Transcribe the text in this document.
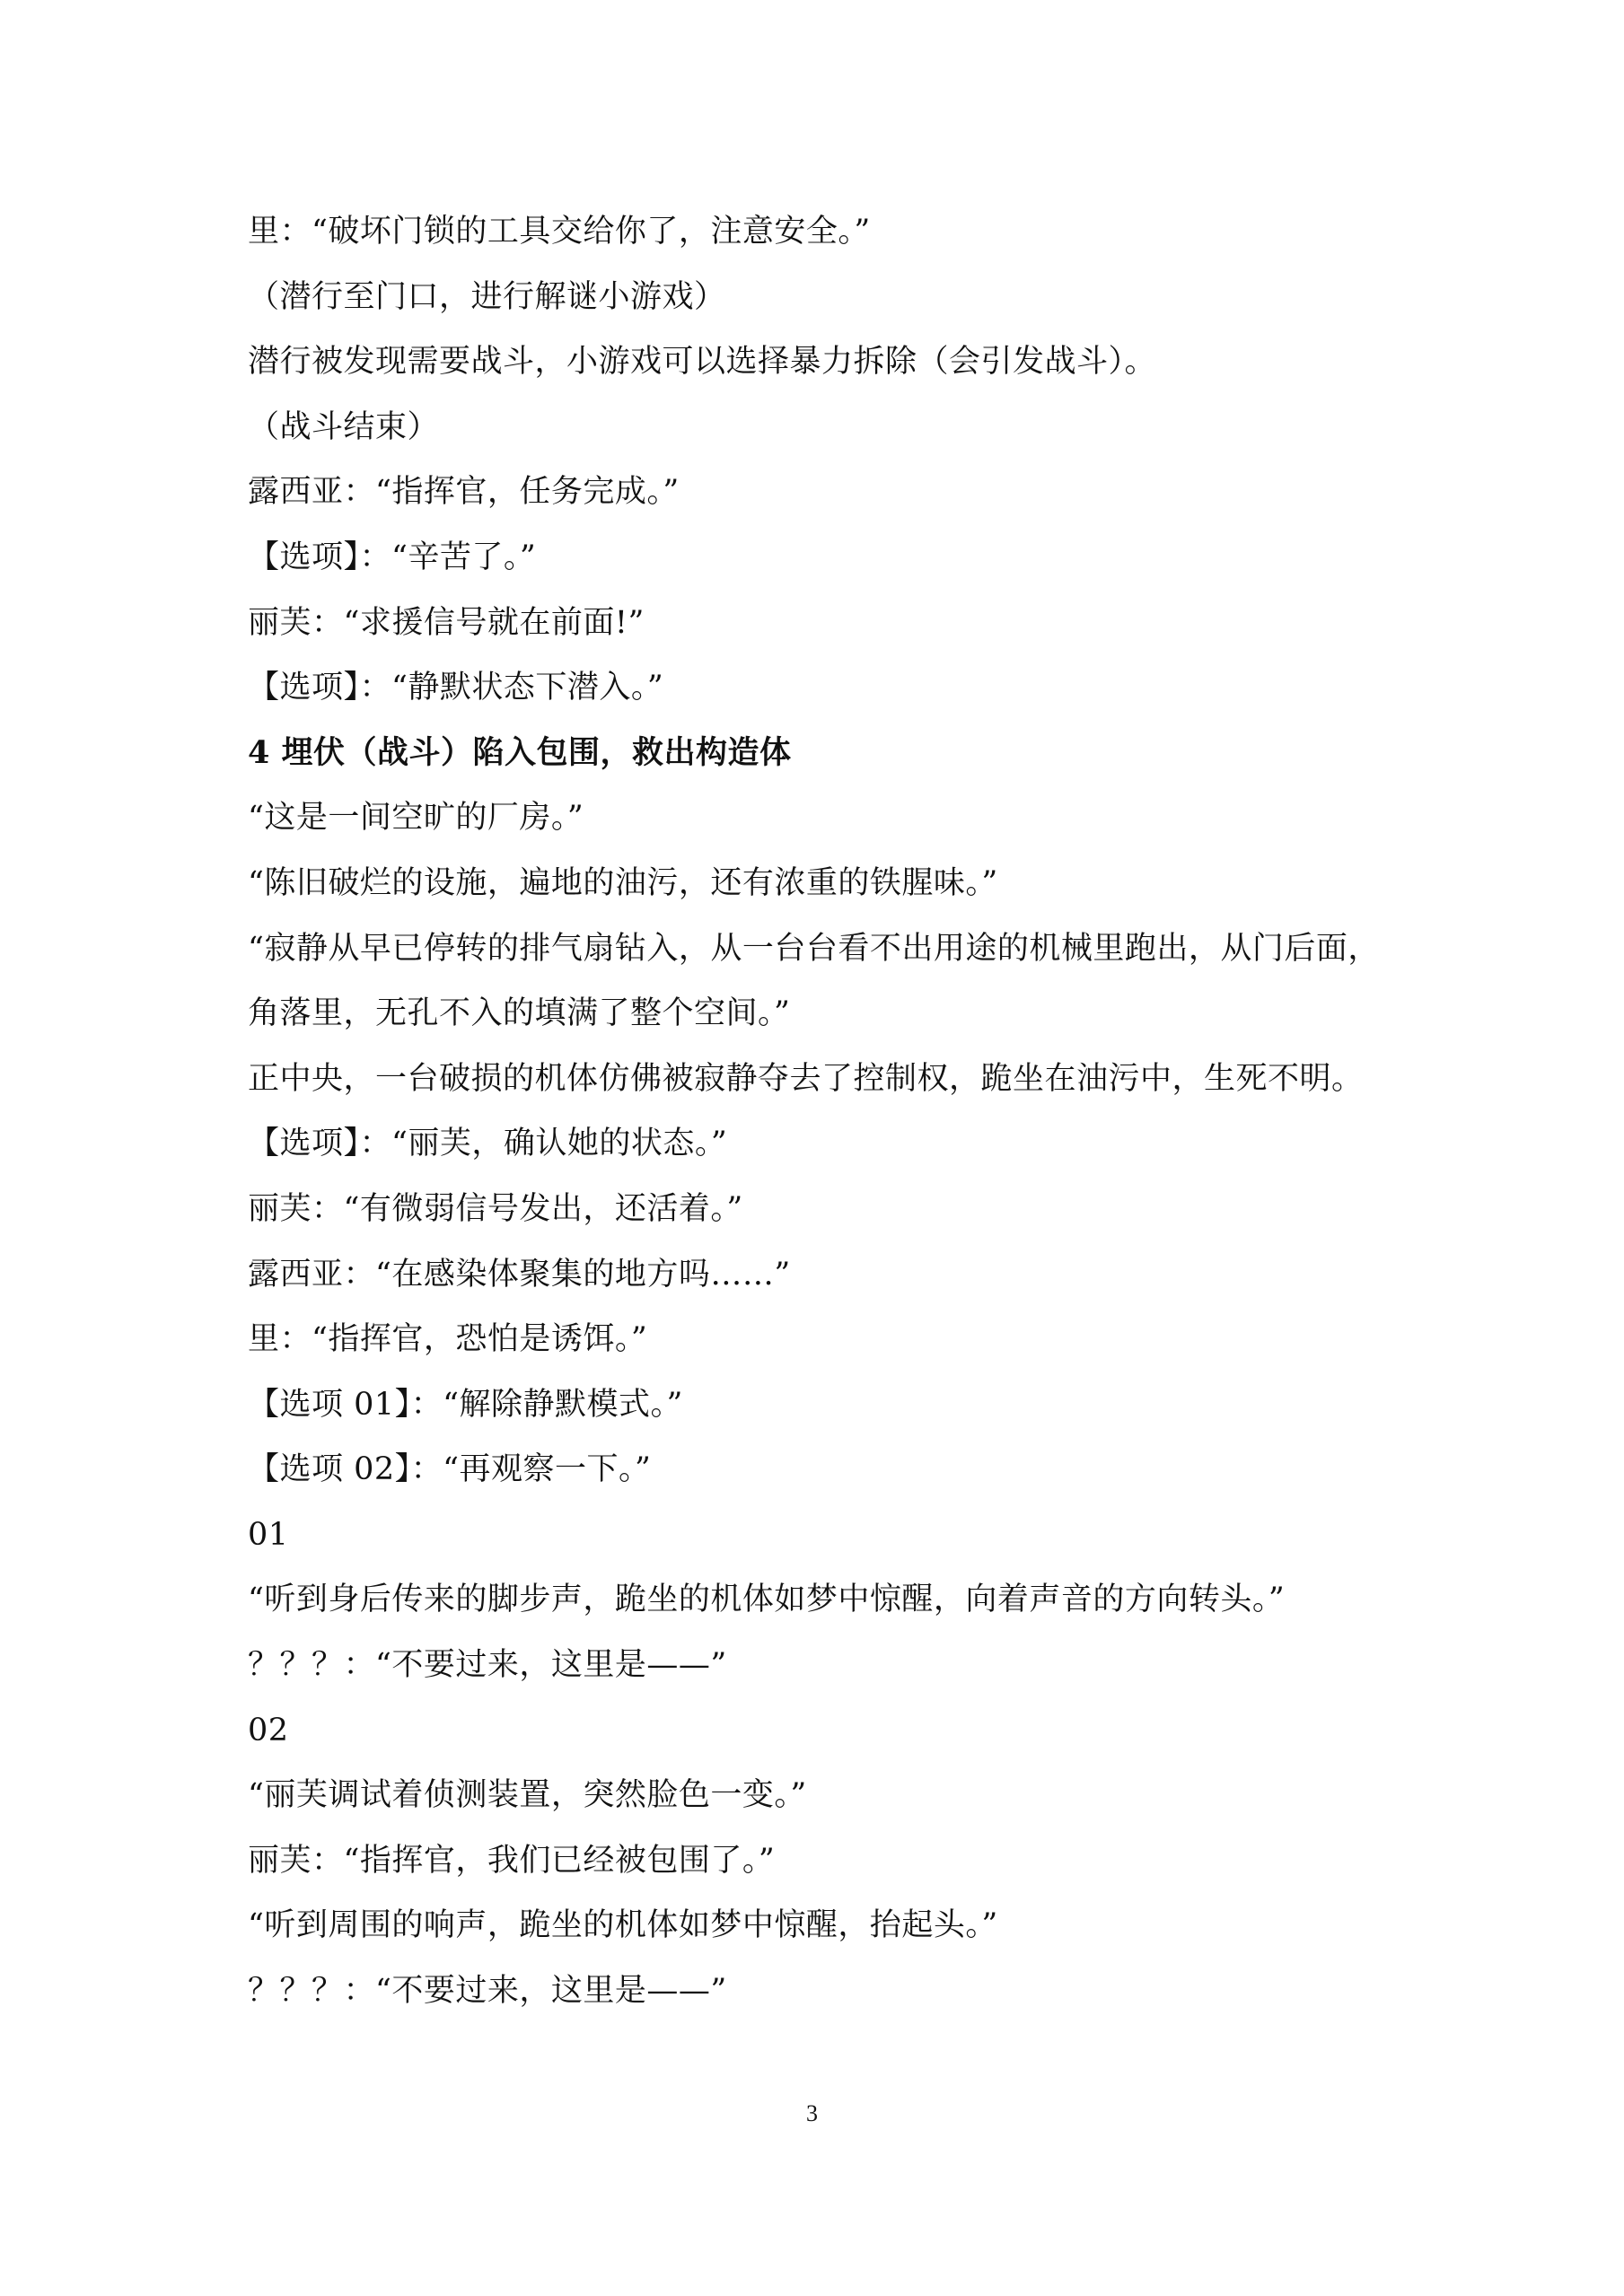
里：“破坏门锁的工具交给你了，注意安全。”
（潜行至门口，进行解谜小游戏）
潜行被发现需要战斗，小游戏可以选择暴力拆除（会引发战斗）。
（战斗结束）
露西亚：“指挥官，任务完成。”
【选项】：“辛苦了。”
丽芙：“求援信号就在前面!”
【选项】：“静默状态下潜入。”
4 埋伏（战斗）陷入包围，救出构造体
“这是一间空旷的厂房。”
“陈旧破烂的设施，遍地的油污，还有浓重的铁腥味。”
“寂静从早已停转的排气扇钻入，从一台台看不出用途的机械里跑出，从门后面，
角落里，无孔不入的填满了整个空间。”
正中央，一台破损的机体仿佛被寂静夺去了控制权，跪坐在油污中，生死不明。
【选项】：“丽芙，确认她的状态。”
丽芙：“有微弱信号发出，还活着。”
露西亚：“在感染体聚集的地方吗……”
里：“指挥官，恐怕是诱饵。”
【选项 01】：“解除静默模式。”
【选项 02】：“再观察一下。”
01
“听到身后传来的脚步声，跪坐的机体如梦中惊醒，向着声音的方向转头。”
？？？：“不要过来，这里是——”
02
“丽芙调试着侦测装置，突然脸色一变。”
丽芙：“指挥官，我们已经被包围了。”
“听到周围的响声，跪坐的机体如梦中惊醒，抬起头。”
？？？：“不要过来，这里是——”
3
